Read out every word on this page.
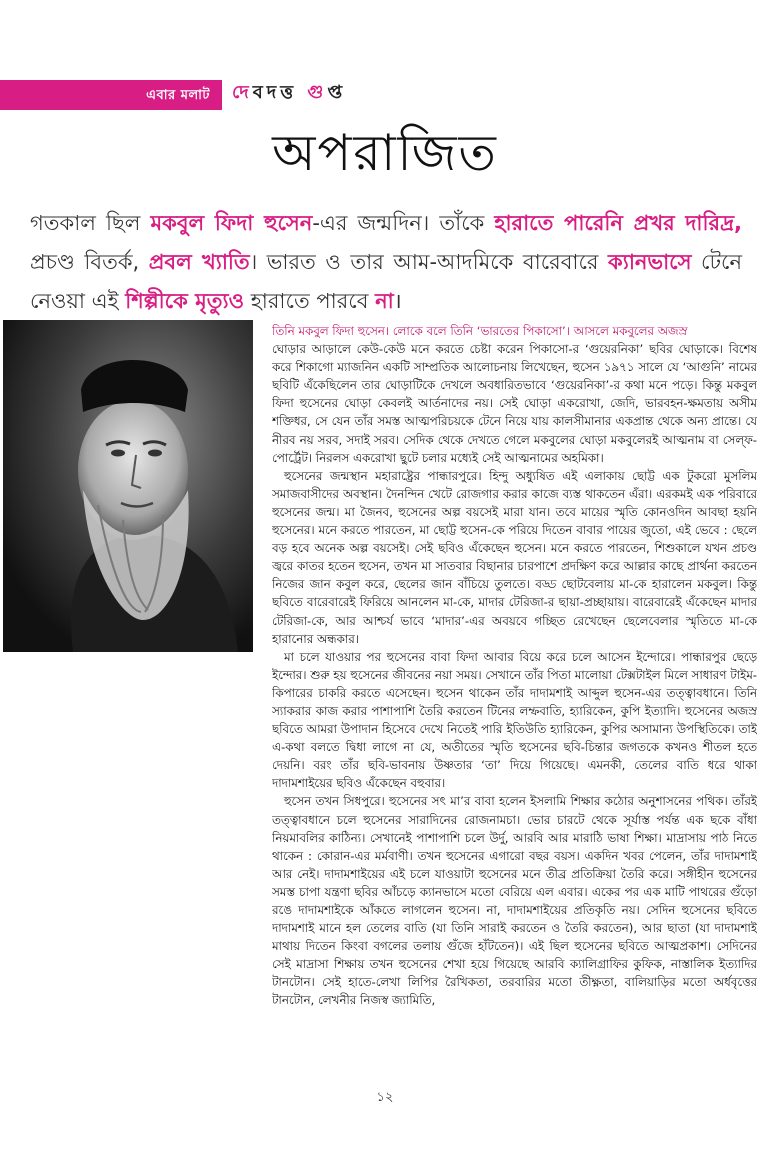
এবার মলাট দেবদত্ত গুপ্ত
অপরাজিত
গতকাল ছিল মকবুল ফিদা হুসেন-এর জন্মদিন। তাঁকে হারাতে পারেনি প্রখর দারিদ্র, প্রচণ্ড বিতর্ক, প্রবল খ্যাতি। ভারত ও তার আম-আদমিকে বারেবারে ক্যানভাসে টেনে নেওয়া এই শিল্পীকে মৃত্যুও হারাতে পারবে না।

তিনি মকবুল ফিদা হুসেন। লোকে বলে তিনি ‘ভারতের পিকাসো’। আসলে মকবুলের অজস্র

ঘোড়ার আড়ালে কেউ-কেউ মনে করতে চেষ্টা করেন পিকাসো-র ‘গুয়েরনিকা’ ছবির ঘোড়াকে। বিশেষ করে শিকাগো ম্যাজনিন একটি সাম্প্রতিক আলোচনায় লিখেছেন, হুসেন ১৯৭১ সালে যে ‘আগুনি’ নামের ছবিটি এঁকেছিলেন তার ঘোড়াটিকে দেখলে অবধারিতভাবে ‘গুয়েরনিকা’-র কথা মনে পড়ে। কিন্তু মকবুল ফিদা হুসেনের ঘোড়া কেবলই আর্তনাদের নয়। সেই ঘোড়া একরোখা, জেদি, ভারবহন-ক্ষমতায় অসীম শক্তিধর, সে যেন তাঁর সমস্ত আত্মপরিচয়কে টেনে নিয়ে যায় কালসীমানার একপ্রান্ত থেকে অন্য প্রান্তে। যে নীরব নয় সরব, সদাই সরব। সেদিক থেকে দেখতে গেলে মকবুলের ঘোড়া মকবুলেরই আত্মনাম বা সেল্‌ফ-পোর্ট্রেট। নিরলস একরোখা ছুটে চলার মধ্যেই সেই আত্মনামের অহমিকা।

হুসেনের জন্মস্থান মহারাষ্ট্রের পান্ধারপুরে। হিন্দু অধ্যুষিত এই এলাকায় ছোট্ট এক টুকরো মুসলিম সমাজবাসীদের অবস্থান। দৈনন্দিন খেটে রোজগার করার কাজে ব্যস্ত থাকতেন এঁরা। এরকমই এক পরিবারে হুসেনের জন্ম। মা জৈনব, হুসেনের অল্প বয়সেই মারা যান। তবে মায়ের স্মৃতি কোনওদিন আবছা হয়নি হুসেনের। মনে করতে পারতেন, মা ছোট্ট হুসেন-কে পরিয়ে দিতেন বাবার পায়ের জুতো, এই ভেবে : ছেলে বড় হবে অনেক অল্প বয়সেই। সেই ছবিও এঁকেছেন হুসেন। মনে করতে পারতেন, শিশুকালে যখন প্রচণ্ড জ্বরে কাতর হতেন হুসেন, তখন মা সাতবার বিছানার চারপাশে প্রদক্ষিণ করে আল্লার কাছে প্রার্থনা করতেন নিজের জান কবুল করে, ছেলের জান বাঁচিয়ে তুলতে। বড্ড ছোটবেলায় মা-কে হারালেন মকবুল। কিন্তু ছবিতে বারেবারেই ফিরিয়ে আনলেন মা-কে, মাদার টেরিজা-র ছায়া-প্রচ্ছায়ায়। বারেবারেই এঁকেছেন মাদার টেরিজা-কে, আর আশ্চর্য ভাবে ‘মাদার’-এর অবয়বে গচ্ছিত রেখেছেন ছেলেবেলার স্মৃতিতে মা-কে হারানোর অন্ধকার।

মা চলে যাওয়ার পর হুসেনের বাবা ফিদা আবার বিয়ে করে চলে আসেন ইন্দোরে। পান্ধারপুর ছেড়ে ইন্দোর। শুরু হয় হুসেনের জীবনের নয়া সময়। সেখানে তাঁর পিতা মালোয়া টেক্সটাইল মিলে সাধারণ টাইম-কিপারের চাকরি করতে এসেছেন। হুসেন থাকেন তাঁর দাদামশাই আব্দুল হুসেন-এর তত্ত্বাবধানে। তিনি স্যাকরার কাজ করার পাশাপাশি তৈরি করতেন টিনের লম্ফবাতি, হ্যারিকেন, কুপি ইত্যাদি। হুসেনের অজস্র ছবিতে আমরা উপাদান হিসেবে দেখে নিতেই পারি ইতিউতি হ্যারিকেন, কুপির অসামান্য উপস্থিতিকে। তাই এ-কথা বলতে দ্বিধা লাগে না যে, অতীতের স্মৃতি হুসেনের ছবি-চিন্তার জগতকে কখনও শীতল হতে দেয়নি। বরং তাঁর ছবি-ভাবনায় উষ্ণতার ‘তা’ দিয়ে গিয়েছে। এমনকী, তেলের বাতি ধরে থাকা দাদামশাইয়ের ছবিও এঁকেছেন বহুবার।

হুসেন তখন সিধপুরে। হুসেনের সৎ মা’র বাবা হলেন ইসলামি শিক্ষার কঠোর অনুশাসনের পথিক। তাঁরই তত্ত্বাবধানে চলে হুসেনের সারাদিনের রোজনামচা। ভোর চারটে থেকে সূর্যাস্ত পর্যন্ত এক ছকে বাঁধা নিয়মাবলির কাঠিন্য। সেখানেই পাশাপাশি চলে উর্দু, আরবি আর মারাঠি ভাষা শিক্ষা। মাদ্রাসায় পাঠ নিতে থাকেন : কোরান-এর মর্মবাণী। তখন হুসেনের এগারো বছর বয়স। একদিন খবর পেলেন, তাঁর দাদামশাই আর নেই। দাদামশাইয়ের এই চলে যাওয়াটা হুসেনের মনে তীব্র প্রতিক্রিয়া তৈরি করে। সঙ্গীহীন হুসেনের সমস্ত চাপা যন্ত্রণা ছবির আঁচড়ে ক্যানভাসে মতো বেরিয়ে এল এবার। একের পর এক মাটি পাথরের গুঁড়ো রঙে দাদামশাইকে আঁকতে লাগলেন হুসেন। না, দাদামশাইয়ের প্রতিকৃতি নয়। সেদিন হুসেনের ছবিতে দাদামশাই মানে হল তেলের বাতি (যা তিনি সারাই করতেন ও তৈরি করতেন), আর ছাতা (যা দাদামশাই মাথায় দিতেন কিংবা বগলের তলায় গুঁজে হাঁটতেন)। এই ছিল হুসেনের ছবিতে আত্মপ্রকাশ। সেদিনের সেই মাদ্রাসা শিক্ষায় তখন হুসেনের শেখা হয়ে গিয়েছে আরবি ক্যালিগ্রাফির কুফিক, নাস্তালিক ইত্যাদির টানটোন। সেই হাতে-লেখা লিপির রৈখিকতা, তরবারির মতো তীক্ষ্ণতা, বালিয়াড়ির মতো অর্ধবৃত্তের টানটোন, লেখনীর নিজস্ব জ্যামিতি,

১২
